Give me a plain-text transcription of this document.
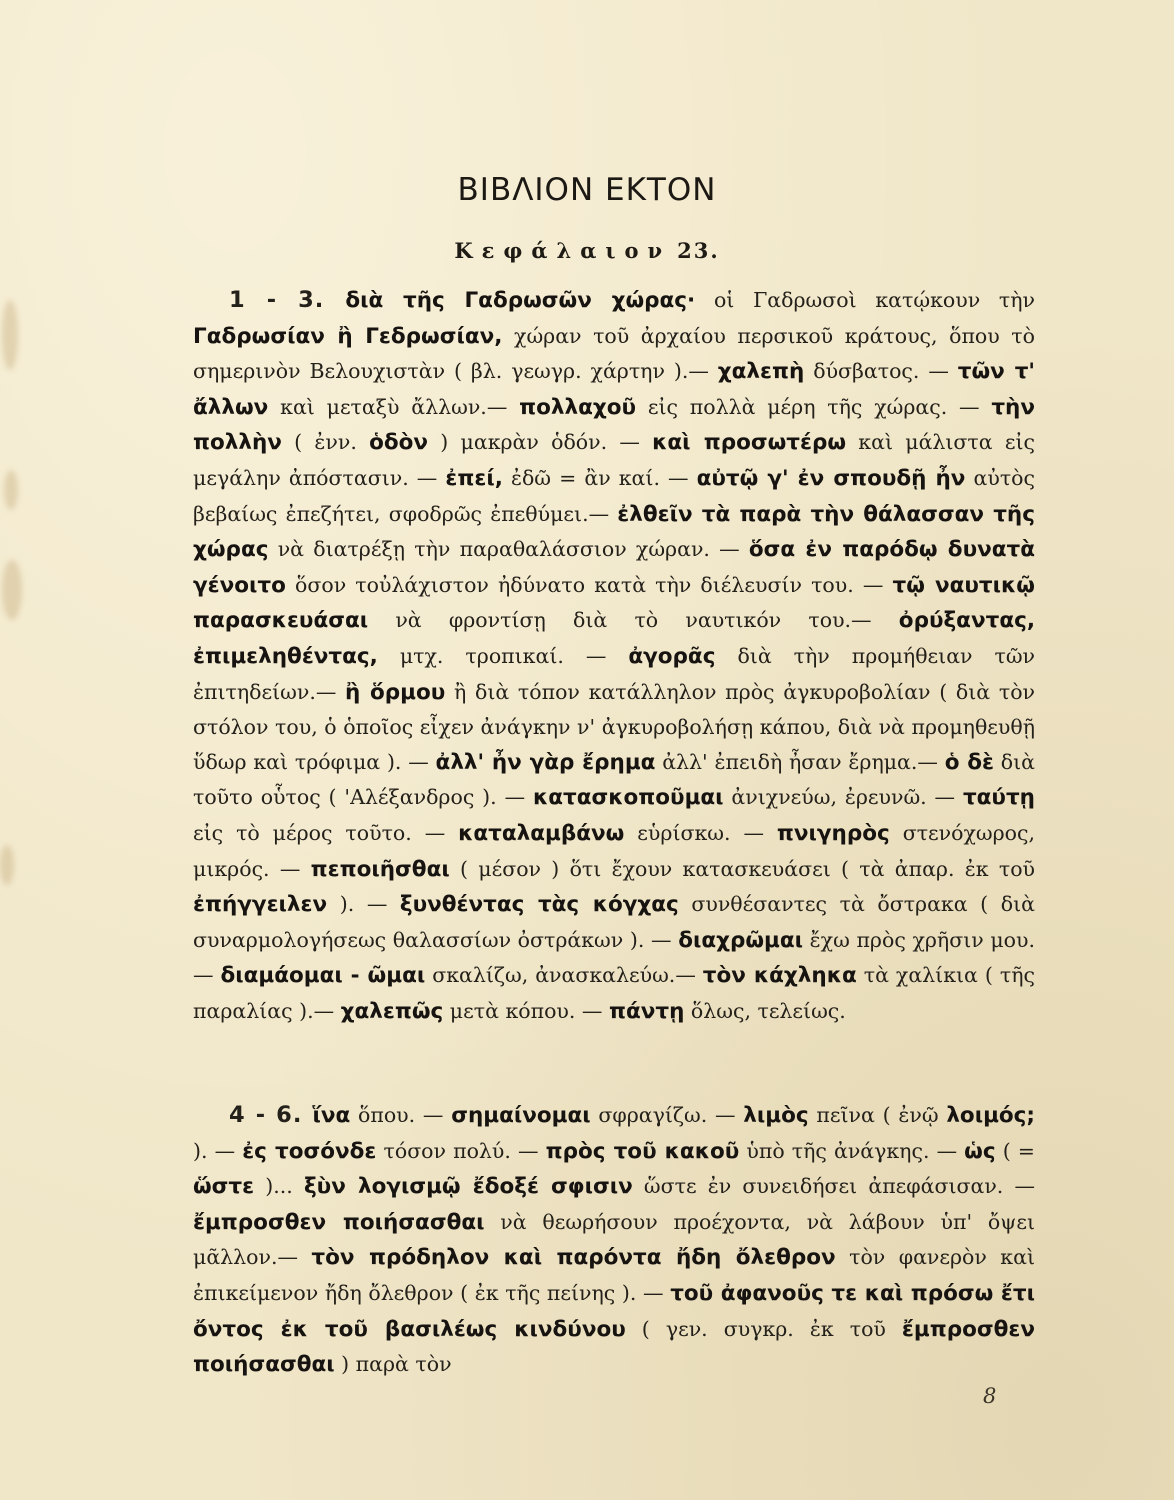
ΒΙΒΛΙΟΝ ΕΚΤΟΝ
Κεφάλαιον 23.
1 - 3. διὰ τῆς Γαδρωσῶν χώρας· οἱ Γαδρωσοὶ κατῴκουν τὴν Γαδρωσίαν ἢ Γεδρωσίαν, χώραν τοῦ ἀρχαίου περσικοῦ κράτους, ὅπου τὸ σημερινὸν Βελουχιστὰν ( βλ. γεωγρ. χάρτην ).— χαλεπὴ δύσβατος. — τῶν τ' ἄλλων καὶ μεταξὺ ἄλλων.— πολλαχοῦ εἰς πολλὰ μέρη τῆς χώρας. — τὴν πολλὴν ( ἐνν. ὁδὸν ) μακρὰν ὁδόν. — καὶ προσωτέρω καὶ μάλιστα εἰς μεγάλην ἀπόστασιν. — ἐπεί, ἐδῶ = ἂν καί. — αὐτῷ γ' ἐν σπουδῇ ἦν αὐτὸς βεβαίως ἐπεζήτει, σφοδρῶς ἐπεθύμει.— ἐλθεῖν τὰ παρὰ τὴν θάλασσαν τῆς χώρας νὰ διατρέξῃ τὴν παραθαλάσσιον χώραν. — ὅσα ἐν παρόδῳ δυνατὰ γένοιτο ὅσον τοὐλάχιστον ἠδύνατο κατὰ τὴν διέλευσίν του. — τῷ ναυτικῷ παρασκευάσαι νὰ φροντίσῃ διὰ τὸ ναυτικόν του.— ὀρύξαντας, ἐπιμεληθέντας, μτχ. τροπικαί. — ἀγορᾶς διὰ τὴν προμήθειαν τῶν ἐπιτηδείων.— ἢ ὅρμου ἢ διὰ τόπον κατάλληλον πρὸς ἀγκυροβολίαν ( διὰ τὸν στόλον του, ὁ ὁποῖος εἶχεν ἀνάγκην ν' ἀγκυροβολήσῃ κάπου, διὰ νὰ προμηθευθῇ ὕδωρ καὶ τρόφιμα ). — ἀλλ' ἦν γὰρ ἔρημα ἀλλ' ἐπειδὴ ἦσαν ἔρημα.— ὁ δὲ διὰ τοῦτο οὗτος ( 'Αλέξανδρος ). — κατασκοποῦμαι ἀνιχνεύω, ἐρευνῶ. — ταύτῃ εἰς τὸ μέρος τοῦτο. — καταλαμβάνω εὑρίσκω. — πνιγηρὸς στενόχωρος, μικρός. — πεποιῆσθαι ( μέσον ) ὅτι ἔχουν κατασκευάσει ( τὰ ἀπαρ. ἐκ τοῦ ἐπήγγειλεν ). — ξυνθέντας τὰς κόγχας συνθέσαντες τὰ ὄστρακα ( διὰ συναρμολογήσεως θαλασσίων ὀστράκων ). — διαχρῶμαι ἔχω πρὸς χρῆσιν μου. — διαμάομαι - ῶμαι σκαλίζω, ἀνασκαλεύω.— τὸν κάχληκα τὰ χαλίκια ( τῆς παραλίας ).— χαλεπῶς μετὰ κόπου. — πάντῃ ὅλως, τελείως.
4 - 6. ἵνα ὅπου. — σημαίνομαι σφραγίζω. — λιμὸς πεῖνα ( ἐνῷ λοιμός; ). — ἐς τοσόνδε τόσον πολύ. — πρὸς τοῦ κακοῦ ὑπὸ τῆς ἀνάγκης. — ὡς ( = ὥστε )... ξὺν λογισμῷ ἔδοξέ σφισιν ὥστε ἐν συνειδήσει ἀπεφάσισαν. — ἔμπροσθεν ποιήσασθαι νὰ θεωρήσουν προέχοντα, νὰ λάβουν ὑπ' ὄψει μᾶλλον.— τὸν πρόδηλον καὶ παρόντα ἤδη ὄλεθρον τὸν φανερὸν καὶ ἐπικείμενον ἤδη ὄλεθρον ( ἐκ τῆς πείνης ). — τοῦ ἀφανοῦς τε καὶ πρόσω ἔτι ὄντος ἐκ τοῦ βασιλέως κινδύνου ( γεν. συγκρ. ἐκ τοῦ ἔμπροσθεν ποιήσασθαι ) παρὰ τὸν
8
